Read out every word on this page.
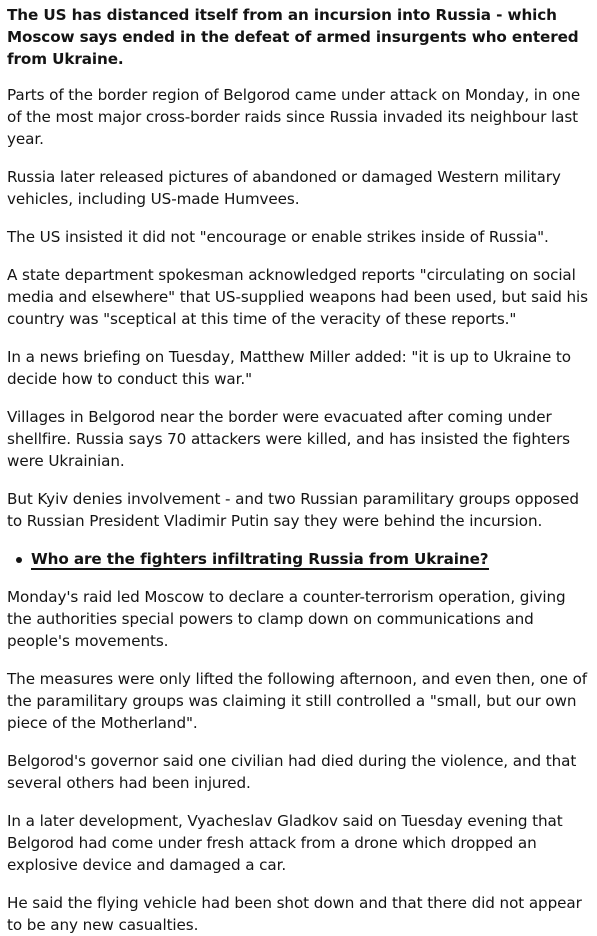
The US has distanced itself from an incursion into Russia - which Moscow says ended in the defeat of armed insurgents who entered from Ukraine.

Parts of the border region of Belgorod came under attack on Monday, in one of the most major cross-border raids since Russia invaded its neighbour last year.

Russia later released pictures of abandoned or damaged Western military vehicles, including US-made Humvees.

The US insisted it did not "encourage or enable strikes inside of Russia".

A state department spokesman acknowledged reports "circulating on social media and elsewhere" that US-supplied weapons had been used, but said his country was "sceptical at this time of the veracity of these reports."

In a news briefing on Tuesday, Matthew Miller added: "it is up to Ukraine to decide how to conduct this war."

Villages in Belgorod near the border were evacuated after coming under shellfire. Russia says 70 attackers were killed, and has insisted the fighters were Ukrainian.

But Kyiv denies involvement - and two Russian paramilitary groups opposed to Russian President Vladimir Putin say they were behind the incursion.

Who are the fighters infiltrating Russia from Ukraine?

Monday's raid led Moscow to declare a counter-terrorism operation, giving the authorities special powers to clamp down on communications and people's movements.

The measures were only lifted the following afternoon, and even then, one of the paramilitary groups was claiming it still controlled a "small, but our own piece of the Motherland".

Belgorod's governor said one civilian had died during the violence, and that several others had been injured.

In a later development, Vyacheslav Gladkov said on Tuesday evening that Belgorod had come under fresh attack from a drone which dropped an explosive device and damaged a car.

He said the flying vehicle had been shot down and that there did not appear to be any new casualties.
